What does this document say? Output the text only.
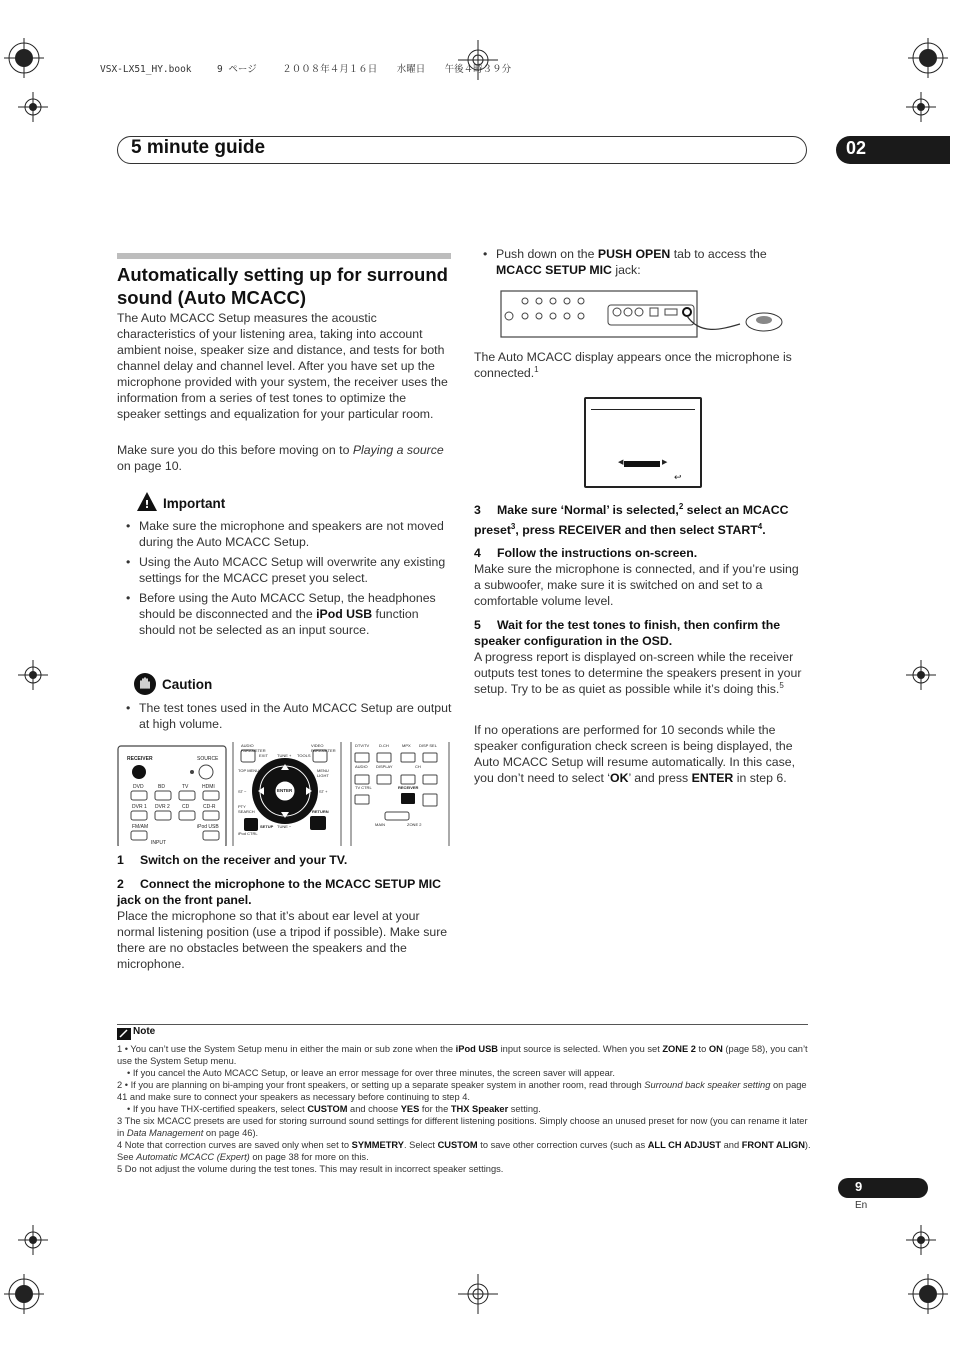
VSX-LX51_HY.book	9 ページ	２００８年４月１６日 水曜日 午後４時３９分
5 minute guide	02
Automatically setting up for surround sound (Auto MCACC)
The Auto MCACC Setup measures the acoustic characteristics of your listening area, taking into account ambient noise, speaker size and distance, and tests for both channel delay and channel level. After you have set up the microphone provided with your system, the receiver uses the information from a series of test tones to optimize the speaker settings and equalization for your particular room.
Make sure you do this before moving on to Playing a source on page 10.
! Important
• Make sure the microphone and speakers are not moved during the Auto MCACC Setup.
• Using the Auto MCACC Setup will overwrite any existing settings for the MCACC preset you select.
• Before using the Auto MCACC Setup, the headphones should be disconnected and the iPod USB function should not be selected as an input source.
Caution
• The test tones used in the Auto MCACC Setup are output at high volume.
RECEIVER	SOURCE
DVD	BD	TV	HDMI
DVR 1 DVR 2 CD	CD-R
FM/AM	iPod USB
INPUT
AUDIO PARAMETER
VIDEO PARAMETER
EXIT TUNE + TOOLS
TOP MENU	MENU LIGHT
ST −	ST +
ENTER
PTY SEARCH
SETUP TUNE −
RETURN
iPod CTRL
DTV/TV D.CH	MPX DISP SEL
AUDIO DISPLAY	CH
TV CTRL	RECEIVER
MAIN	ZONE 2
1 Switch on the receiver and your TV.
2 Connect the microphone to the MCACC SETUP MIC jack on the front panel.
Place the microphone so that it’s about ear level at your normal listening position (use a tripod if possible). Make sure there are no obstacles between the speakers and the microphone.
• Push down on the PUSH OPEN tab to access the MCACC SETUP MIC jack:
The Auto MCACC display appears once the microphone is connected.$^1$
◀	▶
↩
3 Make sure ‘Normal’ is selected,$^2$ select an MCACC preset$^3$, press RECEIVER and then select START$^4$.
4 Follow the instructions on-screen.
Make sure the microphone is connected, and if you’re using a subwoofer, make sure it is switched on and set to a comfortable volume level.
5 Wait for the test tones to finish, then confirm the speaker configuration in the OSD.
A progress report is displayed on-screen while the receiver outputs test tones to determine the speakers present in your setup. Try to be as quiet as possible while it’s doing this.$^5$
If no operations are performed for 10 seconds while the speaker configuration check screen is being displayed, the Auto MCACC Setup will resume automatically. In this case, you don’t need to select ‘OK’ and press ENTER in step 6.
Note

1 • You can’t use the System Setup menu in either the main or sub zone when the iPod USB input source is selected. When you set ZONE 2 to ON (page 58), you can’t use the System Setup menu.

• If you cancel the Auto MCACC Setup, or leave an error message for over three minutes, the screen saver will appear.

2 • If you are planning on bi-amping your front speakers, or setting up a separate speaker system in another room, read through Surround back speaker setting on page 41 and make sure to connect your speakers as necessary before continuing to step 4.

• If you have THX-certified speakers, select CUSTOM and choose YES for the THX Speaker setting.

3 The six MCACC presets are used for storing surround sound settings for different listening positions. Simply choose an unused preset for now (you can rename it later in Data Management on page 46).

4 Note that correction curves are saved only when set to SYMMETRY. Select CUSTOM to save other correction curves (such as ALL CH ADJUST and FRONT ALIGN). See Automatic MCACC (Expert) on page 38 for more on this.

5 Do not adjust the volume during the test tones. This may result in incorrect speaker settings.

9
En
